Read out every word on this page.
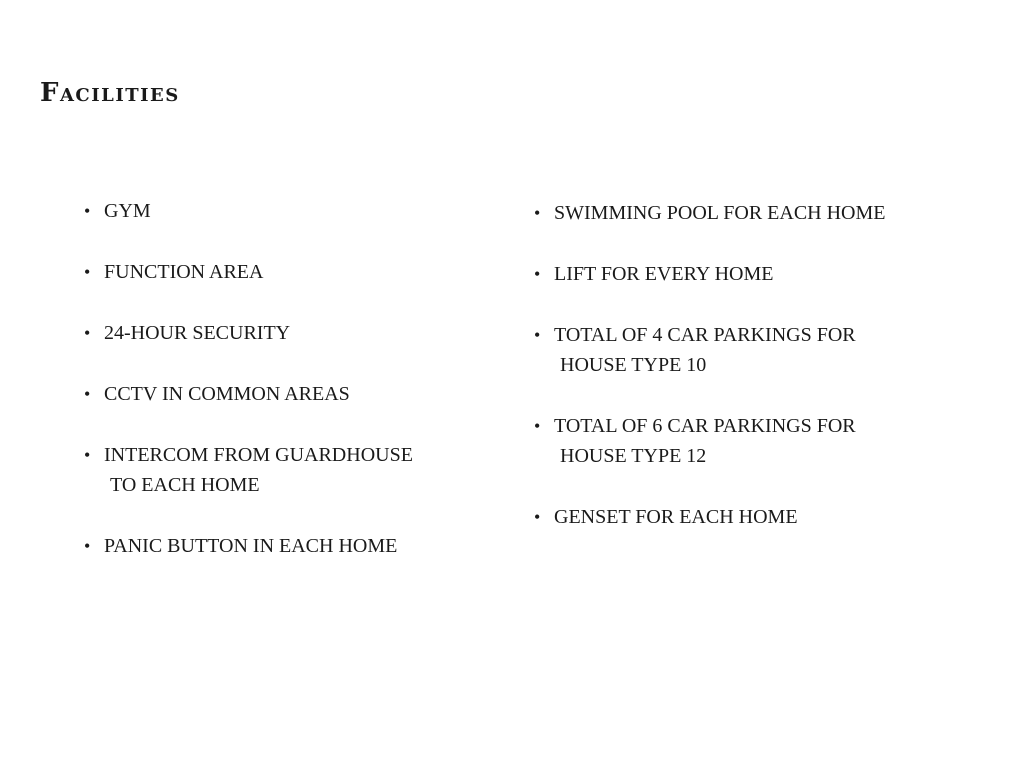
Facilities
• GYM
• FUNCTION AREA
• 24-HOUR SECURITY
• CCTV IN COMMON AREAS
• INTERCOM FROM GUARDHOUSE
TO EACH HOME
• PANIC BUTTON IN EACH HOME
• SWIMMING POOL FOR EACH HOME
• LIFT FOR EVERY HOME
• TOTAL OF 4 CAR PARKINGS FOR
HOUSE TYPE 10
• TOTAL OF 6 CAR PARKINGS FOR
HOUSE TYPE 12
• GENSET FOR EACH HOME
